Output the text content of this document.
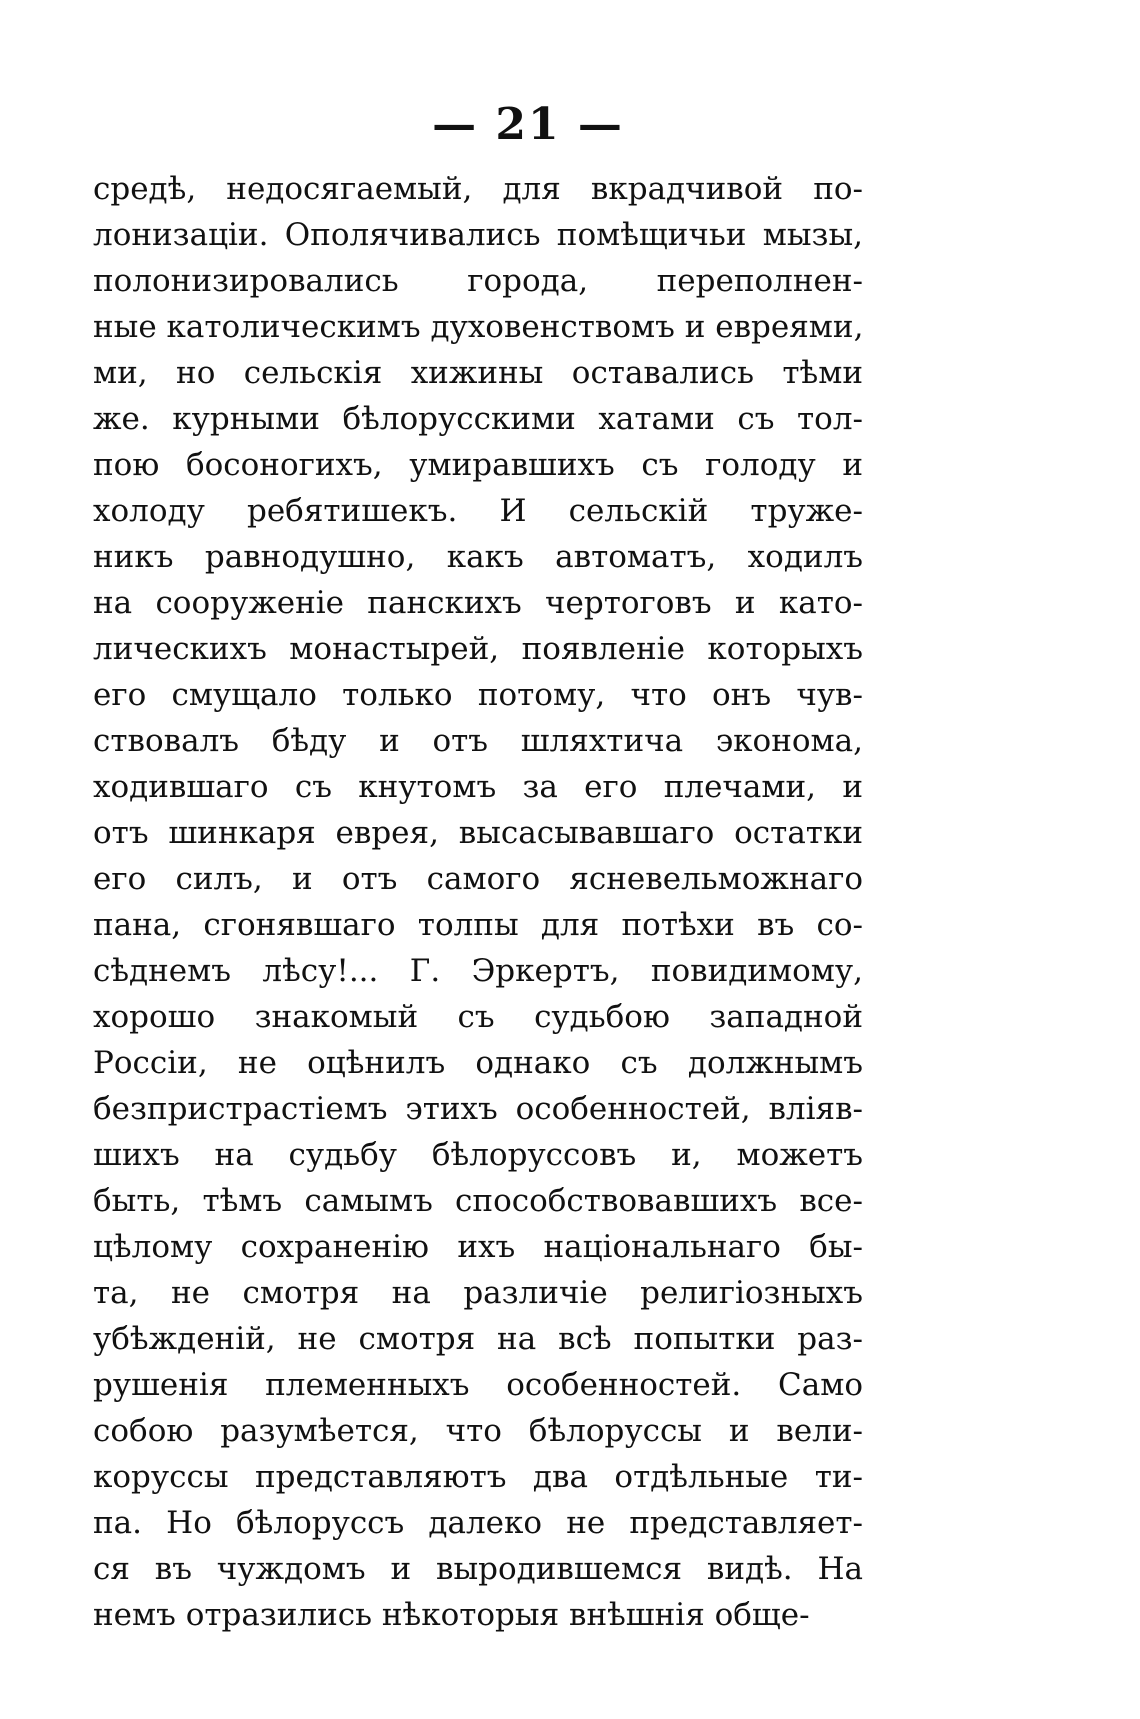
— 21 —
средѣ, недосягаемый, для вкрадчивой по-
лонизаціи. Ополячивались помѣщичьи мызы,
полонизировались города, переполнен-
ные католическимъ духовенствомъ и евреями,
ми, но сельскія хижины оставались тѣми
же. курными бѣлорусскими хатами съ тол-
пою босоногихъ, умиравшихъ съ голоду и
холоду ребятишекъ. И сельскій труже-
никъ равнодушно, какъ автоматъ, ходилъ
на сооруженіе панскихъ чертоговъ и като-
лическихъ монастырей, появленіе которыхъ
его смущало только потому, что онъ чув-
ствовалъ бѣду и отъ шляхтича эконома,
ходившаго съ кнутомъ за его плечами, и
отъ шинкаря еврея, высасывавшаго остатки
его силъ, и отъ самого ясневельможнаго
пана, сгонявшаго толпы для потѣхи въ со-
сѣднемъ лѣсу!... Г. Эркертъ, повидимому,
хорошо знакомый съ судьбою западной
Россіи, не оцѣнилъ однако съ должнымъ
безпристрастіемъ этихъ особенностей, вліяв-
шихъ на судьбу бѣлоруссовъ и, можетъ
быть, тѣмъ самымъ способствовавшихъ все-
цѣлому сохраненію ихъ національнаго бы-
та, не смотря на различіе религіозныхъ
убѣжденій, не смотря на всѣ попытки раз-
рушенія племенныхъ особенностей. Само
собою разумѣется, что бѣлоруссы и вели-
коруссы представляютъ два отдѣльные ти-
па. Но бѣлоруссъ далеко не представляет-
ся въ чуждомъ и выродившемся видѣ. На
немъ отразились нѣкоторыя внѣшнія обще-
